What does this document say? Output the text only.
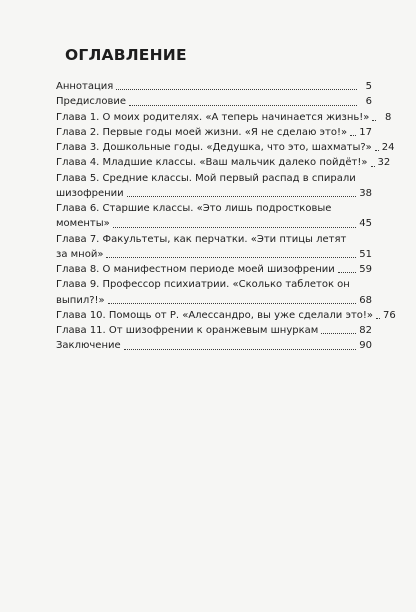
ОГЛАВЛЕНИЕ
Аннотация	5
Предисловие	6
Глава 1. О моих родителях. «А теперь начинается жизнь!»	8
Глава 2. Первые годы моей жизни. «Я не сделаю это!» 17
Глава 3. Дошкольные годы. «Дедушка, что это, шахматы?» 24
Глава 4. Младшие классы. «Ваш мальчик далеко пойдёт!» 32
Глава 5. Средние классы. Мой первый распад в спирали
шизофрении	38
Глава 6. Старшие классы. «Это лишь подростковые
моменты»	45
Глава 7. Факультеты, как перчатки. «Эти птицы летят
за мной»	51
Глава 8. О манифестном периоде моей шизофрении 59
Глава 9. Профессор психиатрии. «Сколько таблеток он
выпил?!»	68
Глава 10. Помощь от Р. «Алессандро, вы уже сделали это!» 76
Глава 11. От шизофрении к оранжевым шнуркам	82
Заключение	90
